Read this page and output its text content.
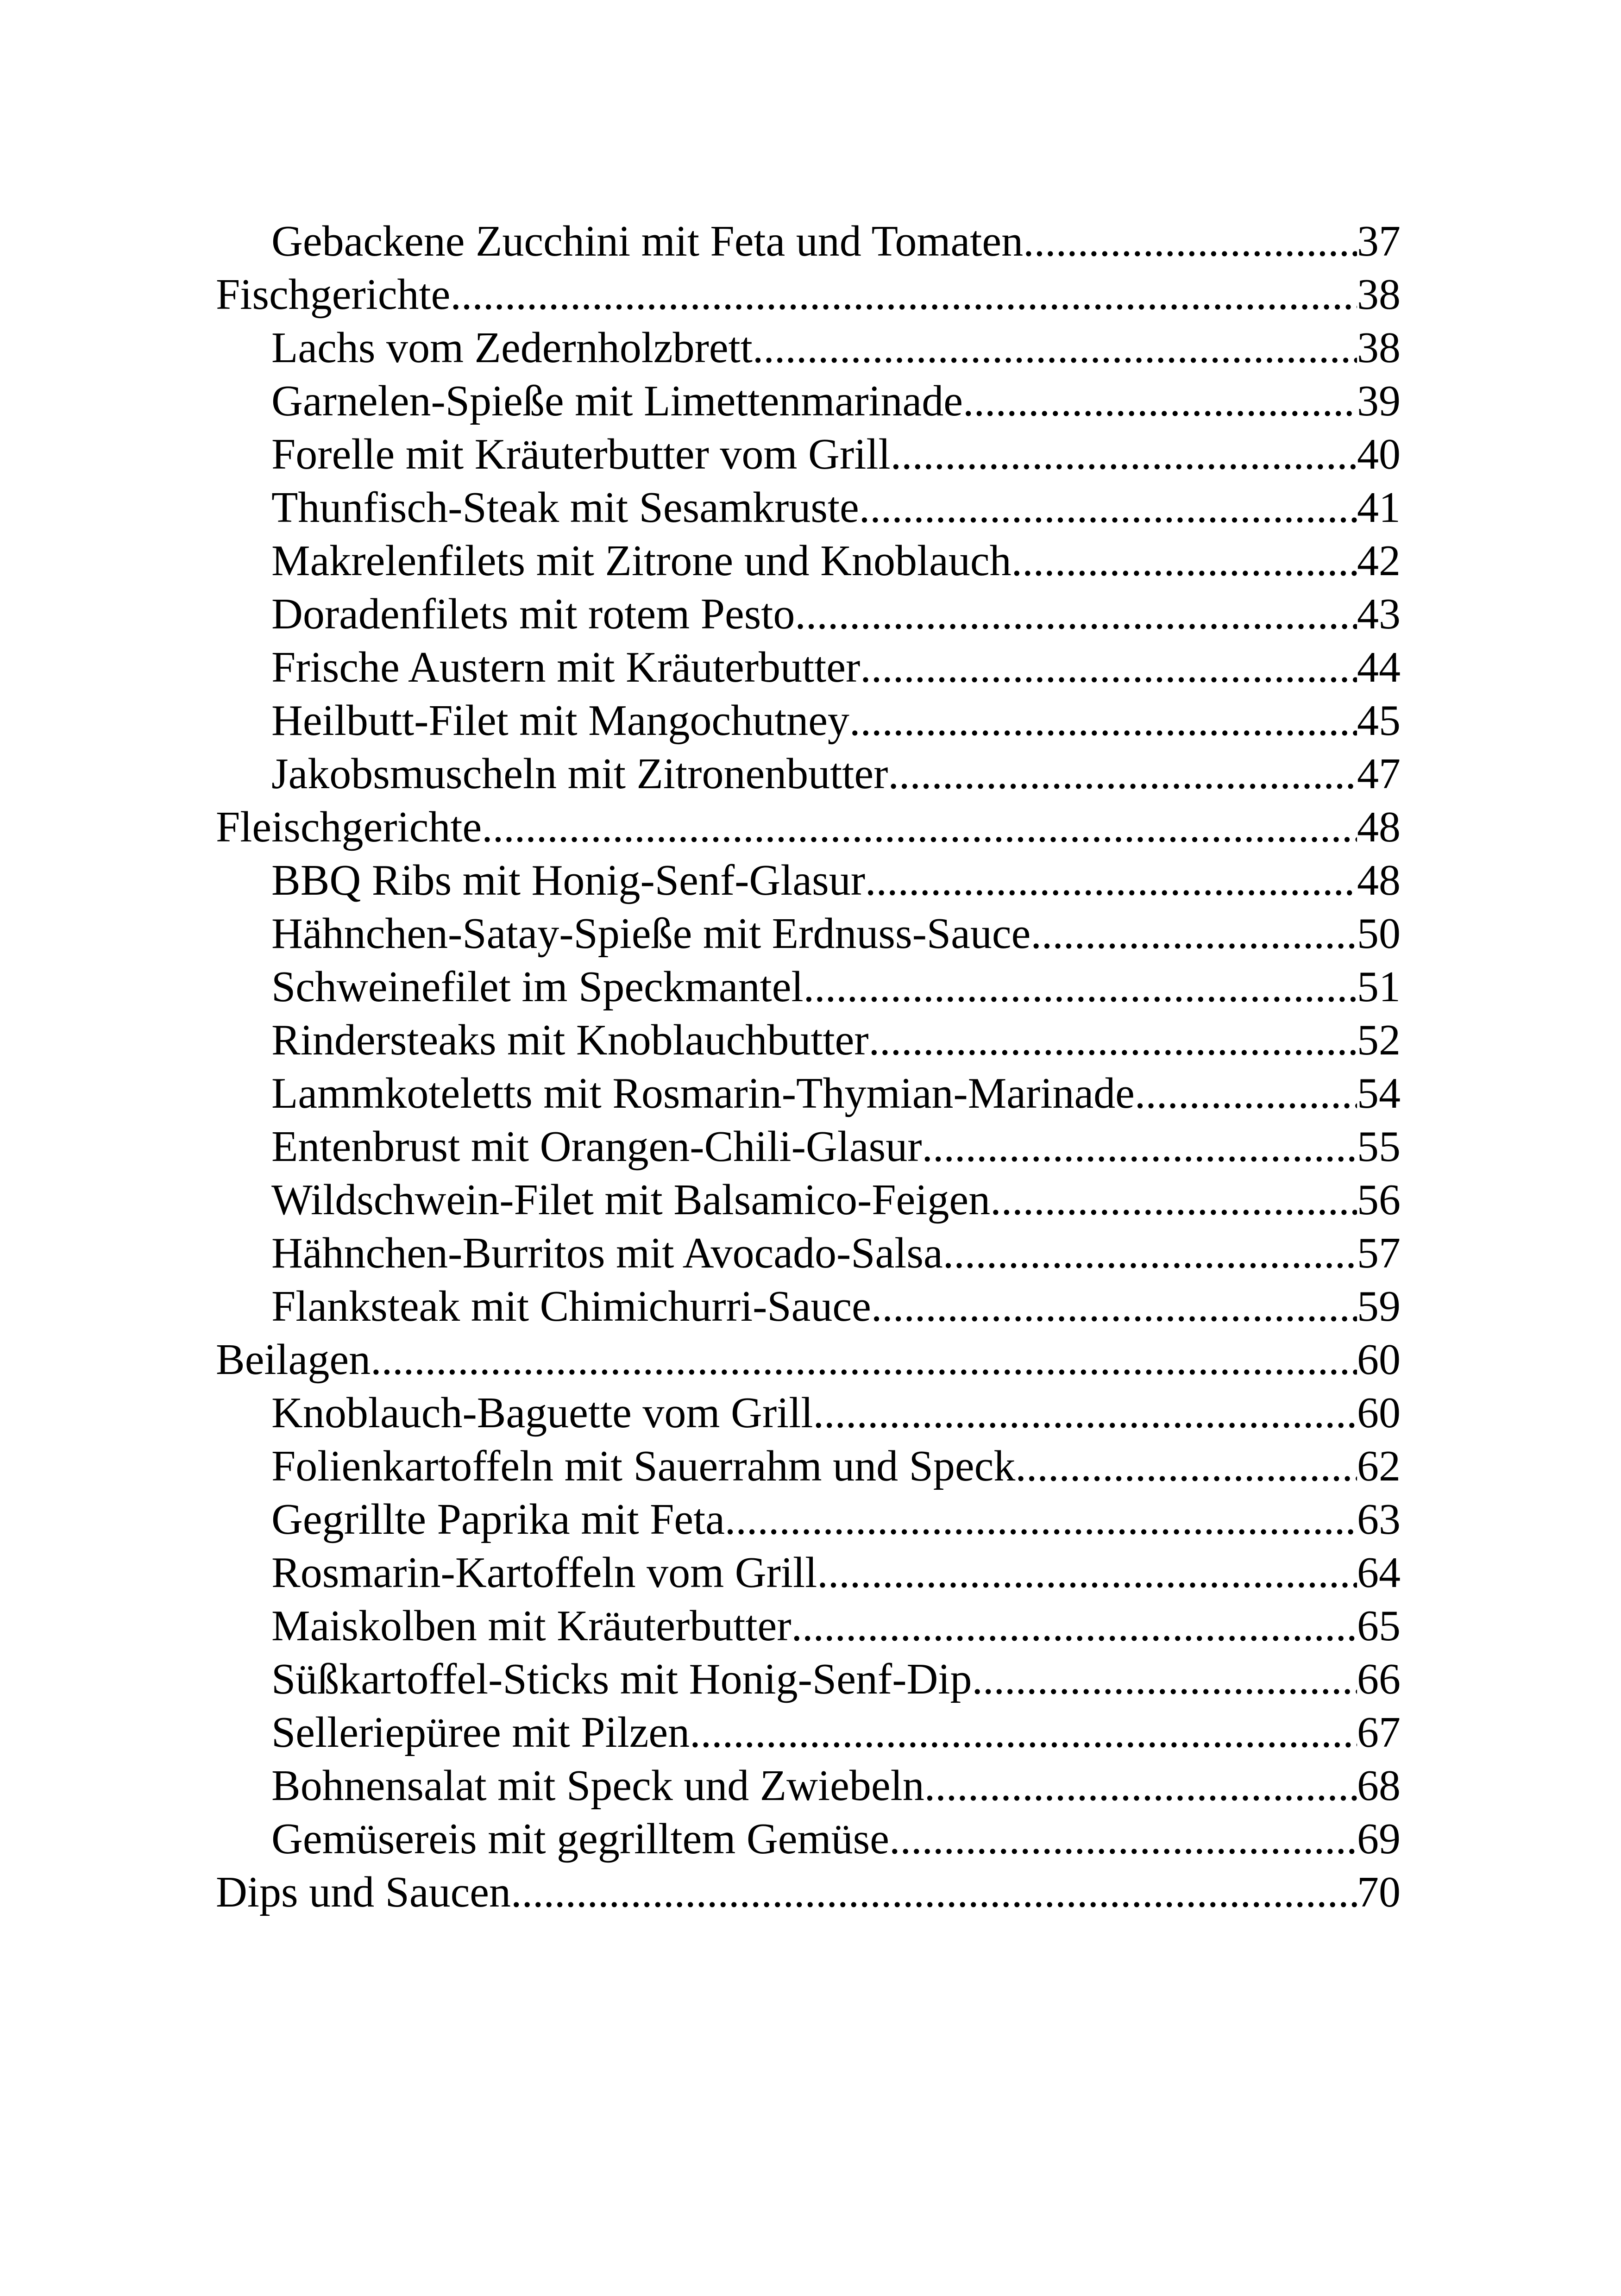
Gebackene Zucchini mit Feta und Tomaten .....	37
Fischgerichte .....	38
Lachs vom Zedernholzbrett .....	38
Garnelen-Spieße mit Limettenmarinade .....	39
Forelle mit Kräuterbutter vom Grill .....	40
Thunfisch-Steak mit Sesamkruste .....	41
Makrelenfilets mit Zitrone und Knoblauch .....	42
Doradenfilets mit rotem Pesto .....	43
Frische Austern mit Kräuterbutter .....	44
Heilbutt-Filet mit Mangochutney .....	45
Jakobsmuscheln mit Zitronenbutter .....	47
Fleischgerichte .....	48
BBQ Ribs mit Honig-Senf-Glasur .....	48
Hähnchen-Satay-Spieße mit Erdnuss-Sauce .....	50
Schweinefilet im Speckmantel .....	51
Rindersteaks mit Knoblauchbutter .....	52
Lammkoteletts mit Rosmarin-Thymian-Marinade .....	54
Entenbrust mit Orangen-Chili-Glasur .....	55
Wildschwein-Filet mit Balsamico-Feigen .....	56
Hähnchen-Burritos mit Avocado-Salsa .....	57
Flanksteak mit Chimichurri-Sauce .....	59
Beilagen .....	60
Knoblauch-Baguette vom Grill .....	60
Folienkartoffeln mit Sauerrahm und Speck .....	62
Gegrillte Paprika mit Feta .....	63
Rosmarin-Kartoffeln vom Grill .....	64
Maiskolben mit Kräuterbutter .....	65
Süßkartoffel-Sticks mit Honig-Senf-Dip .....	66
Selleriepüree mit Pilzen .....	67
Bohnensalat mit Speck und Zwiebeln .....	68
Gemüsereis mit gegrilltem Gemüse .....	69
Dips und Saucen .....	70
